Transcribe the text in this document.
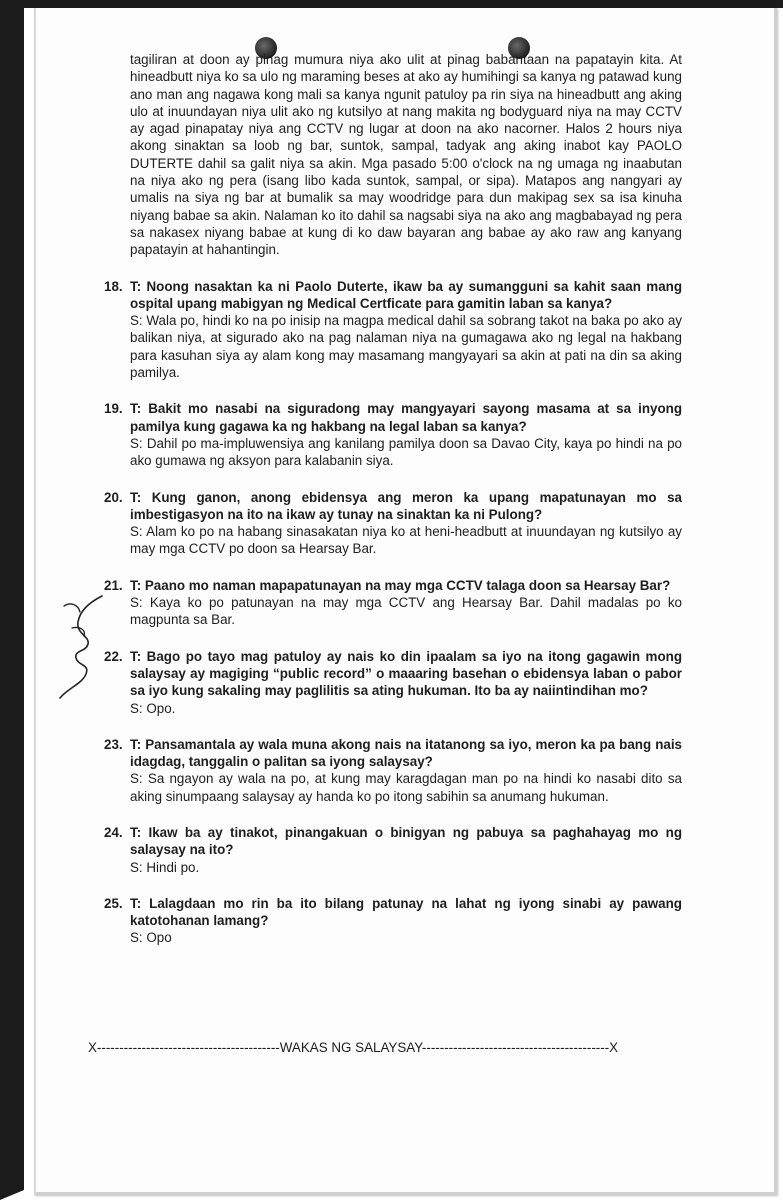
tagiliran at doon ay pinag mumura niya ako ulit at pinag babantaan na papatayin kita. At hineadbutt niya ko sa ulo ng maraming beses at ako ay humihingi sa kanya ng patawad kung ano man ang nagawa kong mali sa kanya ngunit patuloy pa rin siya na hineadbutt ang aking ulo at inuundayan niya ulit ako ng kutsilyo at nang makita ng bodyguard niya na may CCTV ay agad pinapatay niya ang CCTV ng lugar at doon na ako nacorner. Halos 2 hours niya akong sinaktan sa loob ng bar, suntok, sampal, tadyak ang aking inabot kay PAOLO DUTERTE dahil sa galit niya sa akin. Mga pasado 5:00 o'clock na ng umaga ng inaabutan na niya ako ng pera (isang libo kada suntok, sampal, or sipa). Matapos ang nangyari ay umalis na siya ng bar at bumalik sa may woodridge para dun makipag sex sa isa kinuha niyang babae sa akin. Nalaman ko ito dahil sa nagsabi siya na ako ang magbabayad ng pera sa nakasex niyang babae at kung di ko daw bayaran ang babae ay ako raw ang kanyang papatayin at hahantingin.

18. T: Noong nasaktan ka ni Paolo Duterte, ikaw ba ay sumangguni sa kahit saan mang ospital upang mabigyan ng Medical Certficate para gamitin laban sa kanya?

S: Wala po, hindi ko na po inisip na magpa medical dahil sa sobrang takot na baka po ako ay balikan niya, at sigurado ako na pag nalaman niya na gumagawa ako ng legal na hakbang para kasuhan siya ay alam kong may masamang mangyayari sa akin at pati na din sa aking pamilya.

19. T: Bakit mo nasabi na siguradong may mangyayari sayong masama at sa inyong pamilya kung gagawa ka ng hakbang na legal laban sa kanya?

S: Dahil po ma-impluwensiya ang kanilang pamilya doon sa Davao City, kaya po hindi na po ako gumawa ng aksyon para kalabanin siya.

20. T: Kung ganon, anong ebidensya ang meron ka upang mapatunayan mo sa imbestigasyon na ito na ikaw ay tunay na sinaktan ka ni Pulong?

S: Alam ko po na habang sinasakatan niya ko at heni-headbutt at inuundayan ng kutsilyo ay may mga CCTV po doon sa Hearsay Bar.

21. T: Paano mo naman mapapatunayan na may mga CCTV talaga doon sa Hearsay Bar?

S: Kaya ko po patunayan na may mga CCTV ang Hearsay Bar. Dahil madalas po ko magpunta sa Bar.

22. T: Bago po tayo mag patuloy ay nais ko din ipaalam sa iyo na itong gagawin mong salaysay ay magiging “public record” o maaaring basehan o ebidensya laban o pabor sa iyo kung sakaling may paglilitis sa ating hukuman. Ito ba ay naiintindihan mo?

S: Opo.

23. T: Pansamantala ay wala muna akong nais na itatanong sa iyo, meron ka pa bang nais idagdag, tanggalin o palitan sa iyong salaysay?

S: Sa ngayon ay wala na po, at kung may karagdagan man po na hindi ko nasabi dito sa aking sinumpaang salaysay ay handa ko po itong sabihin sa anumang hukuman.

24. T: Ikaw ba ay tinakot, pinangakuan o binigyan ng pabuya sa paghahayag mo ng salaysay na ito?

S: Hindi po.

25. T: Lalagdaan mo rin ba ito bilang patunay na lahat ng iyong sinabi ay pawang katotohanan lamang?

S: Opo

X-----------------------------------------WAKAS NG SALAYSAY------------------------------------------X
